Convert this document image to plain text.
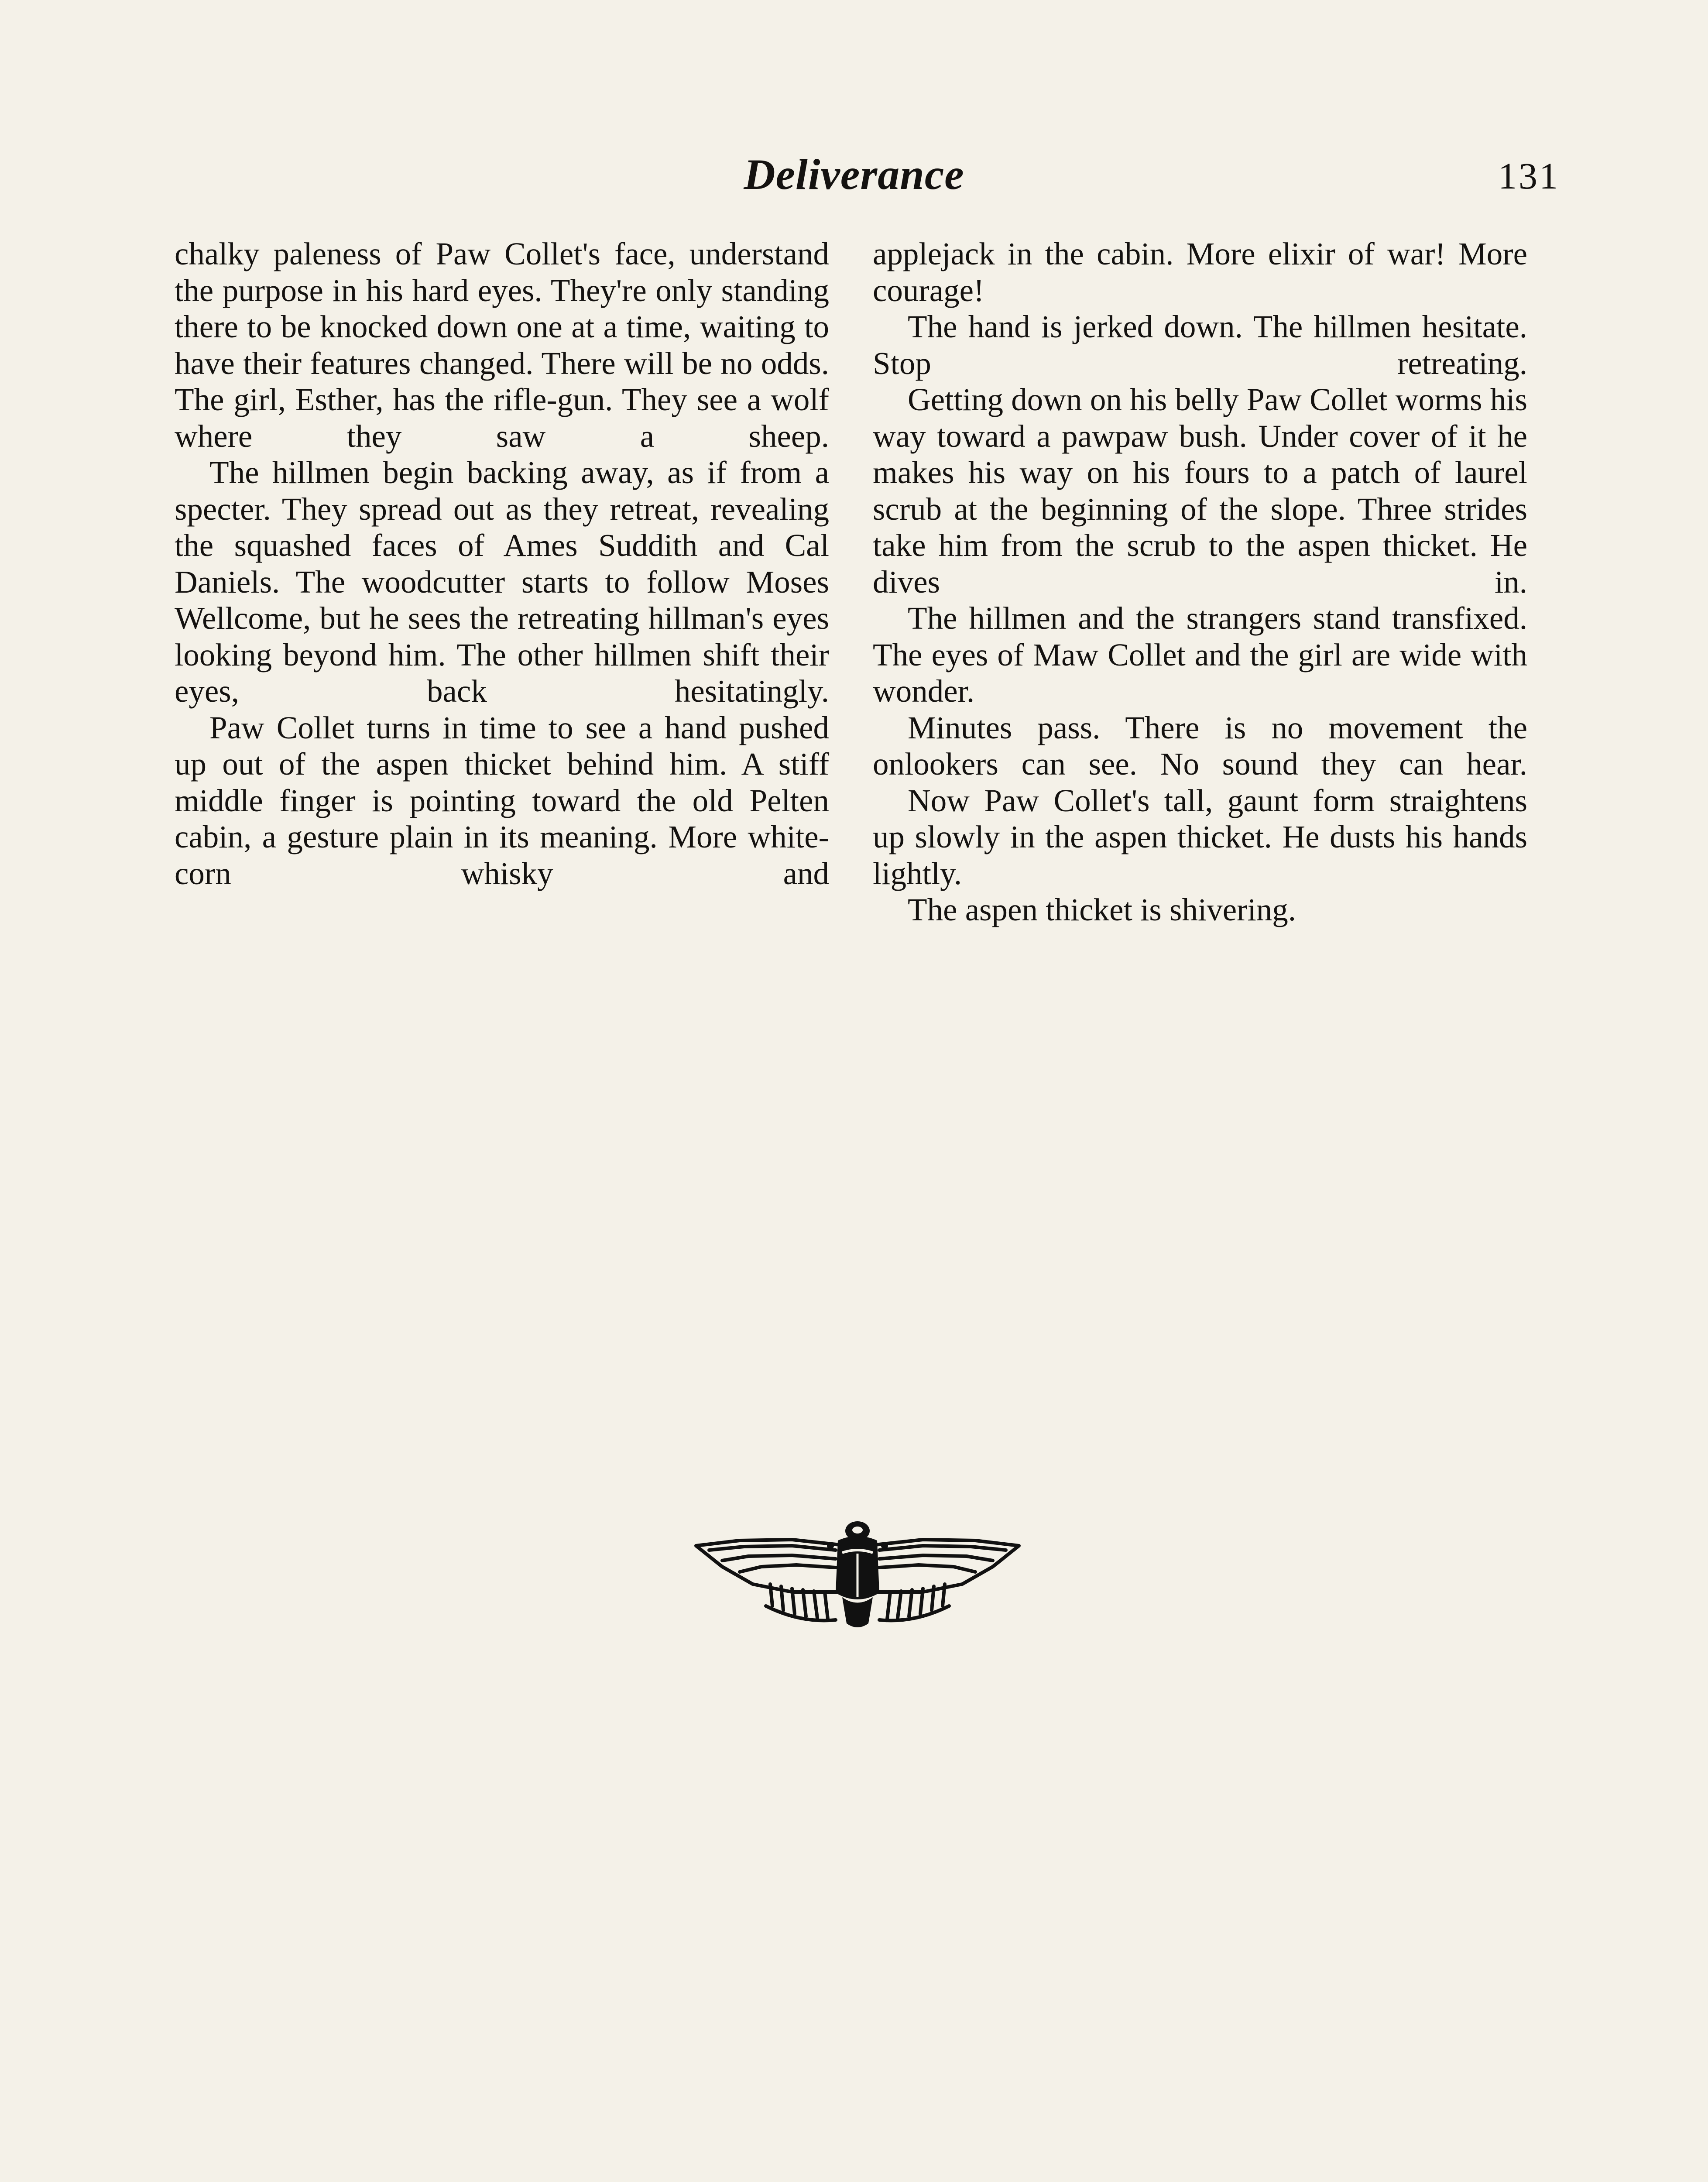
Deliverance	131

chalky paleness of Paw Collet's face, understand the purpose in his hard eyes. They're only standing there to be knocked down one at a time, waiting to have their features changed. There will be no odds. The girl, Esther, has the rifle-gun. They see a wolf where they saw a sheep.

The hillmen begin backing away, as if from a specter. They spread out as they retreat, revealing the squashed faces of Ames Suddith and Cal Daniels. The woodcutter starts to follow Moses Wellcome, but he sees the retreating hillman's eyes looking beyond him. The other hillmen shift their eyes, back hesitatingly.

Paw Collet turns in time to see a hand pushed up out of the aspen thicket behind him. A stiff middle finger is pointing toward the old Pelten cabin, a gesture plain in its meaning. More white-corn whisky and

applejack in the cabin. More elixir of war! More courage!

The hand is jerked down. The hillmen hesitate. Stop retreating.

Getting down on his belly Paw Collet worms his way toward a pawpaw bush. Under cover of it he makes his way on his fours to a patch of laurel scrub at the beginning of the slope. Three strides take him from the scrub to the aspen thicket. He dives in.

The hillmen and the strangers stand transfixed. The eyes of Maw Collet and the girl are wide with wonder.

Minutes pass. There is no movement the onlookers can see. No sound they can hear.

Now Paw Collet's tall, gaunt form straightens up slowly in the aspen thicket. He dusts his hands lightly.

The aspen thicket is shivering.
